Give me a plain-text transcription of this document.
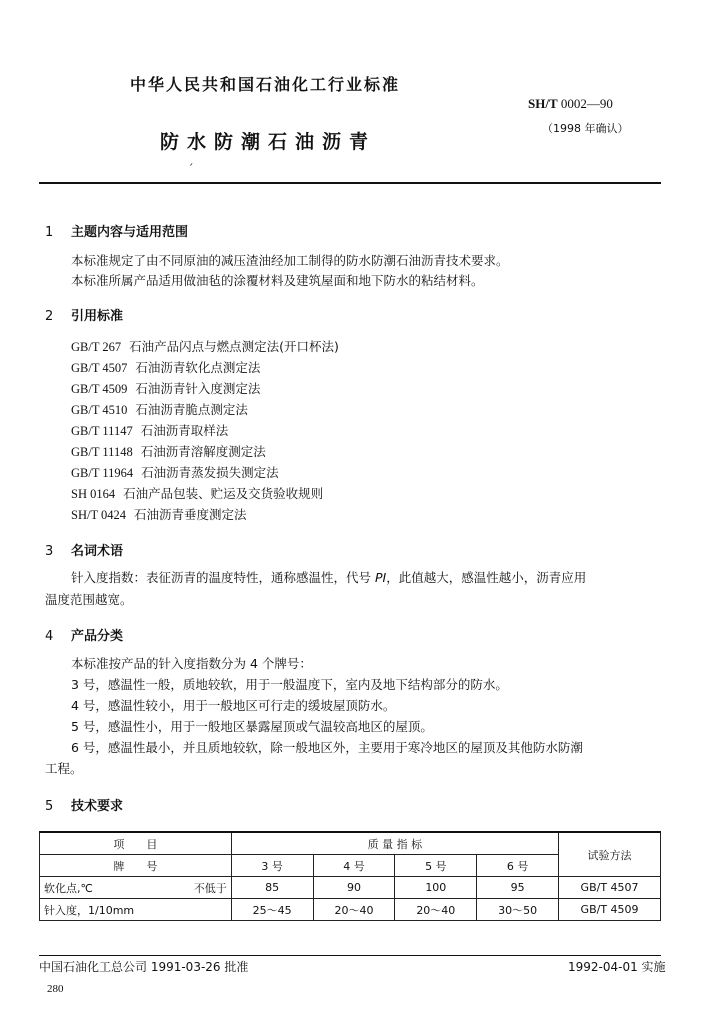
中华人民共和国石油化工行业标准
SH/T 0002—90
（1998 年确认）
防水防潮石油沥青
ˊ
1 主题内容与适用范围
本标准规定了由不同原油的减压渣油经加工制得的防水防潮石油沥青技术要求。
本标准所属产品适用做油毡的涂覆材料及建筑屋面和地下防水的粘结材料。
2 引用标准
GB/T 267 石油产品闪点与燃点测定法(开口杯法)
GB/T 4507 石油沥青软化点测定法
GB/T 4509 石油沥青针入度测定法
GB/T 4510 石油沥青脆点测定法
GB/T 11147 石油沥青取样法
GB/T 11148 石油沥青溶解度测定法
GB/T 11964 石油沥青蒸发损失测定法
SH 0164 石油产品包装、贮运及交货验收规则
SH/T 0424 石油沥青垂度测定法
3 名词术语
针入度指数：表征沥青的温度特性，通称感温性，代号 PI，此值越大，感温性越小，沥青应用
温度范围越宽。
4 产品分类
本标准按产品的针入度指数分为 4 个牌号：
3 号，感温性一般，质地较软，用于一般温度下，室内及地下结构部分的防水。
4 号，感温性较小，用于一般地区可行走的缓坡屋顶防水。
5 号，感温性小，用于一般地区暴露屋顶或气温较高地区的屋顶。
6 号，感温性最小，并且质地较软，除一般地区外，主要用于寒冷地区的屋顶及其他防水防潮
工程。
5 技术要求
项　　目		质 量 指 标				试验方法
牌　　号		3 号	4 号	5 号	6 号	
软化点,℃	不低于	85	90	100	95	GB/T 4507
针入度，1/10mm		25～45	20～40	20～40	30～50	GB/T 4509
中国石油化工总公司 1991-03-26 批准	1992-04-01 实施
280
